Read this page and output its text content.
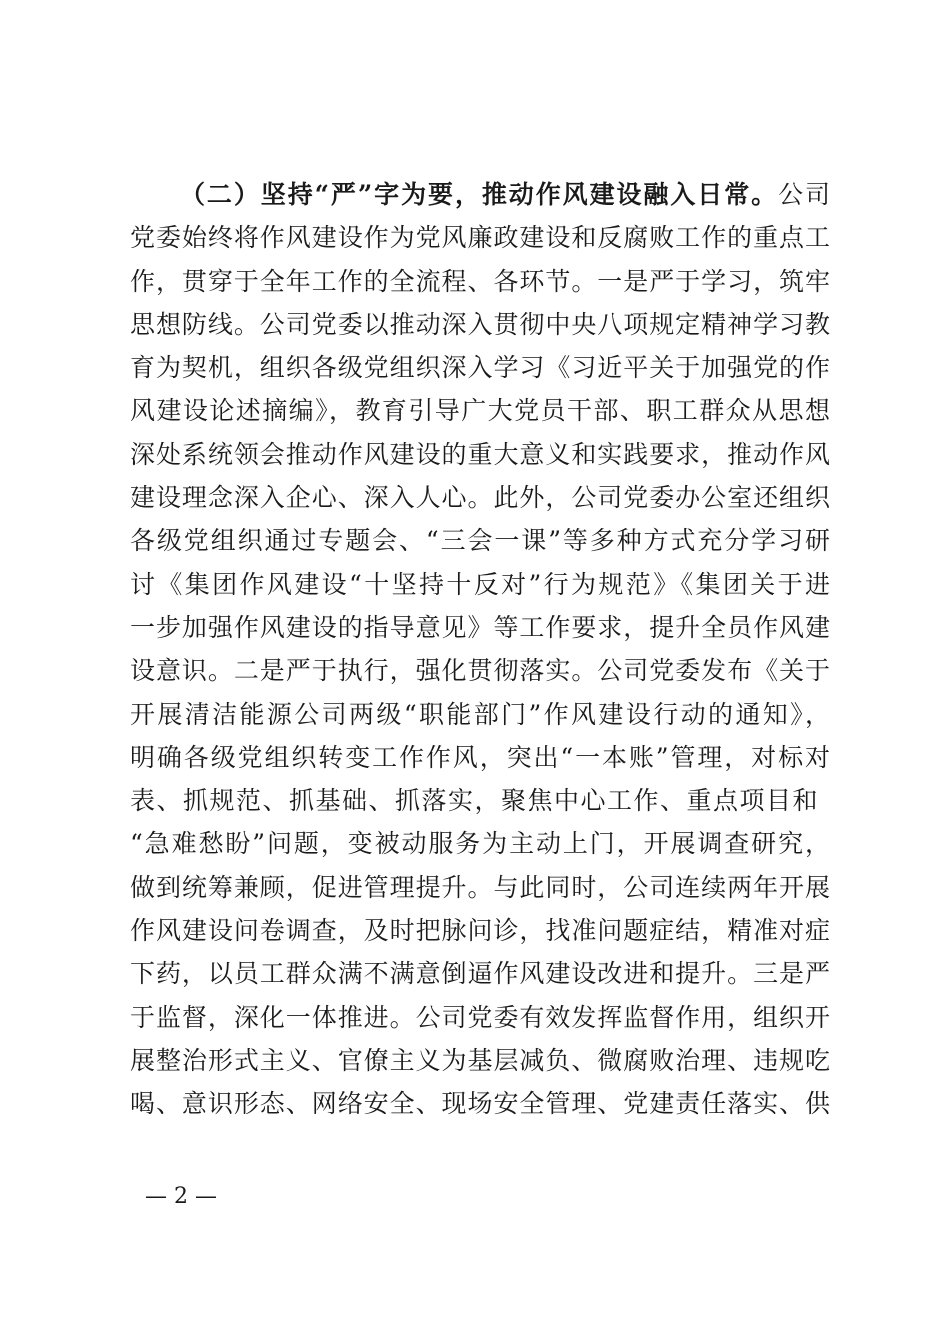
（二）坚持“严”字为要，推动作风建设融入日常。公司
党委始终将作风建设作为党风廉政建设和反腐败工作的重点工
作，贯穿于全年工作的全流程、各环节。一是严于学习，筑牢
思想防线。公司党委以推动深入贯彻中央八项规定精神学习教
育为契机，组织各级党组织深入学习《习近平关于加强党的作
风建设论述摘编》，教育引导广大党员干部、职工群众从思想
深处系统领会推动作风建设的重大意义和实践要求，推动作风
建设理念深入企心、深入人心。此外，公司党委办公室还组织
各级党组织通过专题会、“三会一课”等多种方式充分学习研
讨《集团作风建设“十坚持十反对”行为规范》《集团关于进
一步加强作风建设的指导意见》等工作要求，提升全员作风建
设意识。二是严于执行，强化贯彻落实。公司党委发布《关于
开展清洁能源公司两级“职能部门”作风建设行动的通知》，
明确各级党组织转变工作作风，突出“一本账”管理，对标对
表、抓规范、抓基础、抓落实，聚焦中心工作、重点项目和
“急难愁盼”问题，变被动服务为主动上门，开展调查研究，
做到统筹兼顾，促进管理提升。与此同时，公司连续两年开展
作风建设问卷调查，及时把脉问诊，找准问题症结，精准对症
下药，以员工群众满不满意倒逼作风建设改进和提升。三是严
于监督，深化一体推进。公司党委有效发挥监督作用，组织开
展整治形式主义、官僚主义为基层减负、微腐败治理、违规吃
喝、意识形态、网络安全、现场安全管理、党建责任落实、供
— 2 —
